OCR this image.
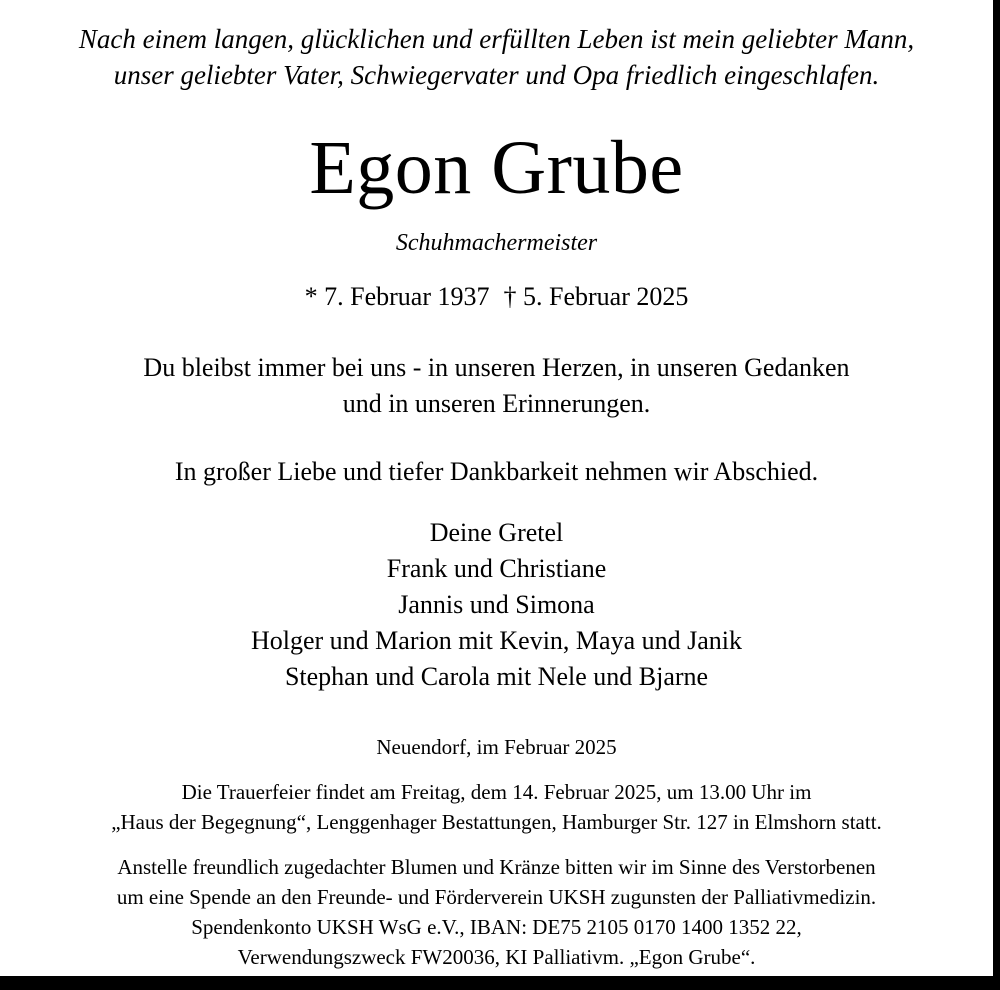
Nach einem langen, glücklichen und erfüllten Leben ist mein geliebter Mann,
unser geliebter Vater, Schwiegervater und Opa friedlich eingeschlafen.
Egon Grube
Schuhmachermeister
* 7. Februar 1937 † 5. Februar 2025
Du bleibst immer bei uns - in unseren Herzen, in unseren Gedanken
und in unseren Erinnerungen.
In großer Liebe und tiefer Dankbarkeit nehmen wir Abschied.
Deine Gretel
Frank und Christiane
Jannis und Simona
Holger und Marion mit Kevin, Maya und Janik
Stephan und Carola mit Nele und Bjarne
Neuendorf, im Februar 2025
Die Trauerfeier findet am Freitag, dem 14. Februar 2025, um 13.00 Uhr im
„Haus der Begegnung“, Lenggenhager Bestattungen, Hamburger Str. 127 in Elmshorn statt.
Anstelle freundlich zugedachter Blumen und Kränze bitten wir im Sinne des Verstorbenen
um eine Spende an den Freunde- und Förderverein UKSH zugunsten der Palliativmedizin.
Spendenkonto UKSH WsG e.V., IBAN: DE75 2105 0170 1400 1352 22,
Verwendungszweck FW20036, KI Palliativm. „Egon Grube“.
